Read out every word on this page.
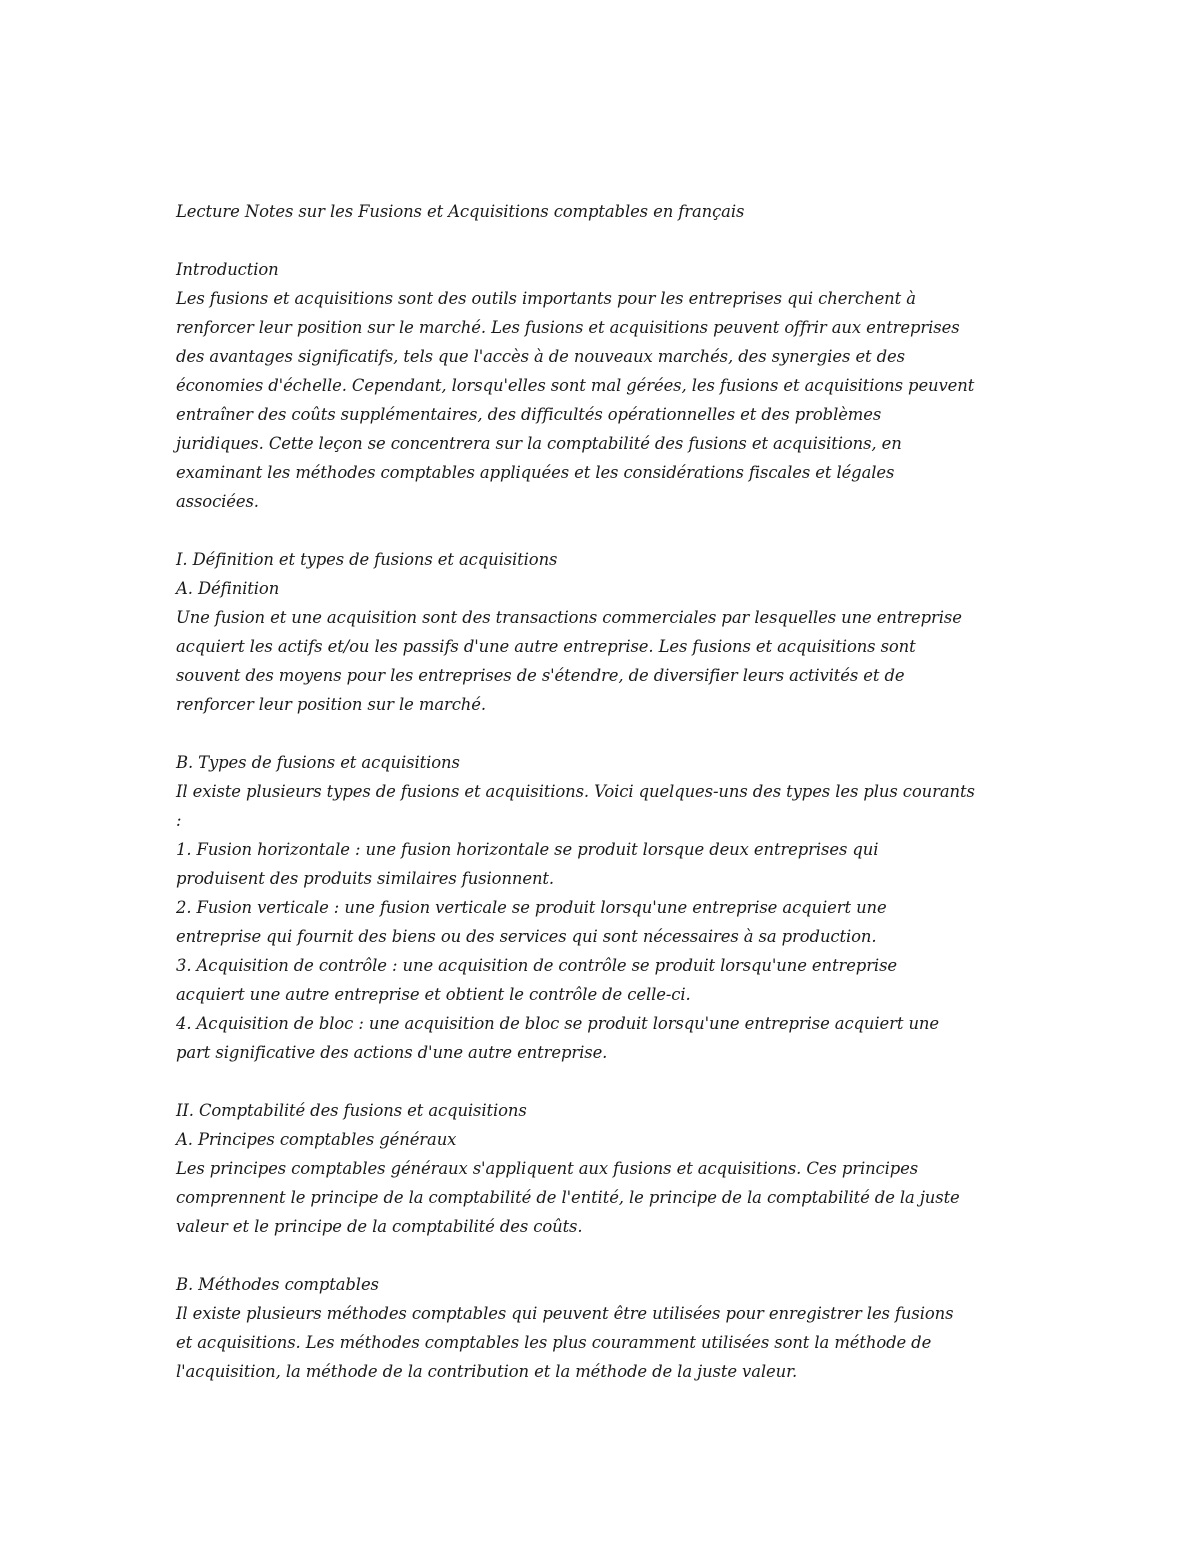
Lecture Notes sur les Fusions et Acquisitions comptables en français
Introduction
Les fusions et acquisitions sont des outils importants pour les entreprises qui cherchent à
renforcer leur position sur le marché. Les fusions et acquisitions peuvent offrir aux entreprises
des avantages significatifs, tels que l'accès à de nouveaux marchés, des synergies et des
économies d'échelle. Cependant, lorsqu'elles sont mal gérées, les fusions et acquisitions peuvent
entraîner des coûts supplémentaires, des difficultés opérationnelles et des problèmes
juridiques. Cette leçon se concentrera sur la comptabilité des fusions et acquisitions, en
examinant les méthodes comptables appliquées et les considérations fiscales et légales
associées.
I. Définition et types de fusions et acquisitions
A. Définition
Une fusion et une acquisition sont des transactions commerciales par lesquelles une entreprise
acquiert les actifs et/ou les passifs d'une autre entreprise. Les fusions et acquisitions sont
souvent des moyens pour les entreprises de s'étendre, de diversifier leurs activités et de
renforcer leur position sur le marché.
B. Types de fusions et acquisitions
Il existe plusieurs types de fusions et acquisitions. Voici quelques-uns des types les plus courants
:
1. Fusion horizontale : une fusion horizontale se produit lorsque deux entreprises qui
produisent des produits similaires fusionnent.
2. Fusion verticale : une fusion verticale se produit lorsqu'une entreprise acquiert une
entreprise qui fournit des biens ou des services qui sont nécessaires à sa production.
3. Acquisition de contrôle : une acquisition de contrôle se produit lorsqu'une entreprise
acquiert une autre entreprise et obtient le contrôle de celle-ci.
4. Acquisition de bloc : une acquisition de bloc se produit lorsqu'une entreprise acquiert une
part significative des actions d'une autre entreprise.
II. Comptabilité des fusions et acquisitions
A. Principes comptables généraux
Les principes comptables généraux s'appliquent aux fusions et acquisitions. Ces principes
comprennent le principe de la comptabilité de l'entité, le principe de la comptabilité de la juste
valeur et le principe de la comptabilité des coûts.
B. Méthodes comptables
Il existe plusieurs méthodes comptables qui peuvent être utilisées pour enregistrer les fusions
et acquisitions. Les méthodes comptables les plus couramment utilisées sont la méthode de
l'acquisition, la méthode de la contribution et la méthode de la juste valeur.
